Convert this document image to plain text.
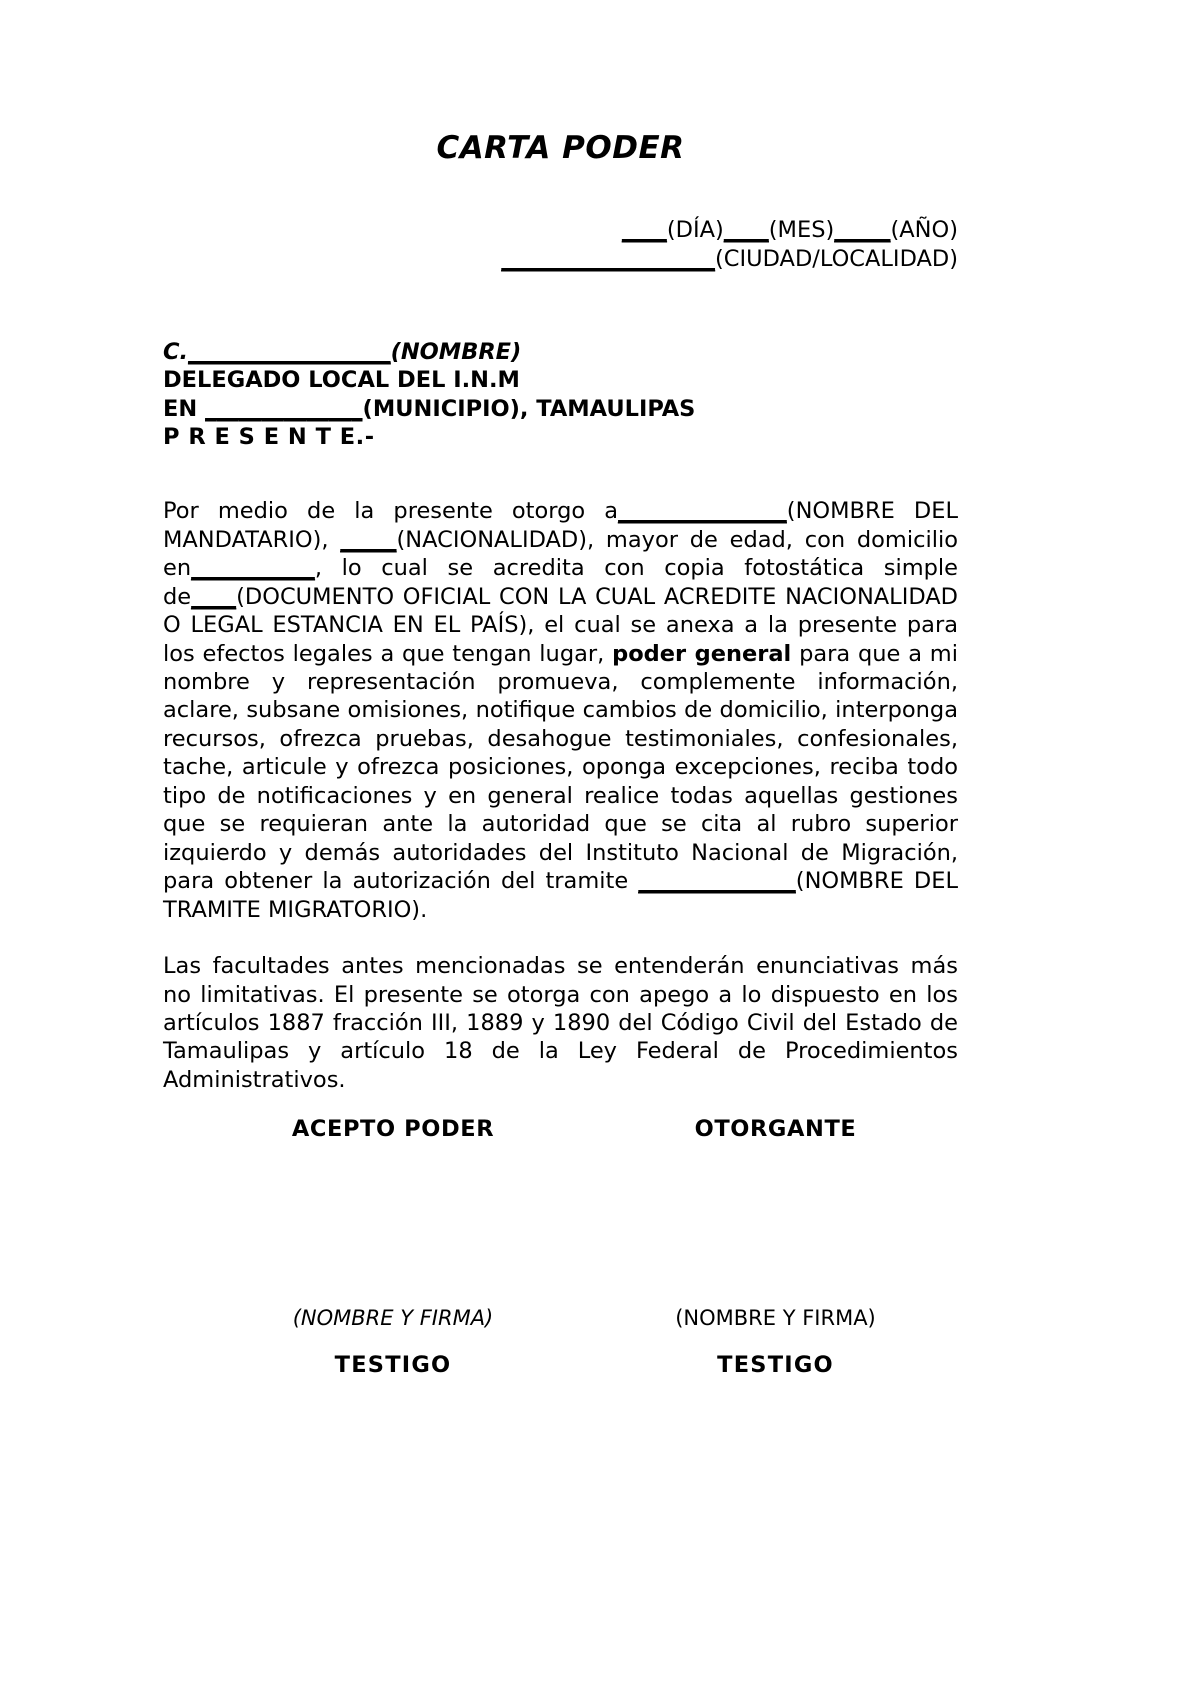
CARTA PODER
____(DÍA)____(MES)_____(AÑO)
___________________(CIUDAD/LOCALIDAD)
C.__________________(NOMBRE)
DELEGADO LOCAL DEL I.N.M
EN ______________(MUNICIPIO), TAMAULIPAS
P R E S E N T E.-

Por medio de la presente otorgo a_______________(NOMBRE DEL MANDATARIO), _____(NACIONALIDAD), mayor de edad, con domicilio en___________, lo cual se acredita con copia fotostática simple de____(DOCUMENTO OFICIAL CON LA CUAL ACREDITE NACIONALIDAD O LEGAL ESTANCIA EN EL PAÍS), el cual se anexa a la presente para los efectos legales a que tengan lugar, poder general para que a mi nombre y representación promueva, complemente información, aclare, subsane omisiones, notifique cambios de domicilio, interponga recursos, ofrezca pruebas, desahogue testimoniales, confesionales, tache, articule y ofrezca posiciones, oponga excepciones, reciba todo tipo de notificaciones y en general realice todas aquellas gestiones que se requieran ante la autoridad que se cita al rubro superior izquierdo y demás autoridades del Instituto Nacional de Migración, para obtener la autorización del tramite ______________(NOMBRE DEL TRAMITE MIGRATORIO).

Las facultades antes mencionadas se entenderán enunciativas más no limitativas. El presente se otorga con apego a lo dispuesto en los artículos 1887 fracción III, 1889 y 1890 del Código Civil del Estado de Tamaulipas y artículo 18 de la Ley Federal de Procedimientos Administrativos.

ACEPTO PODER	OTORGANTE
(NOMBRE Y FIRMA)	(NOMBRE Y FIRMA)
TESTIGO	TESTIGO
